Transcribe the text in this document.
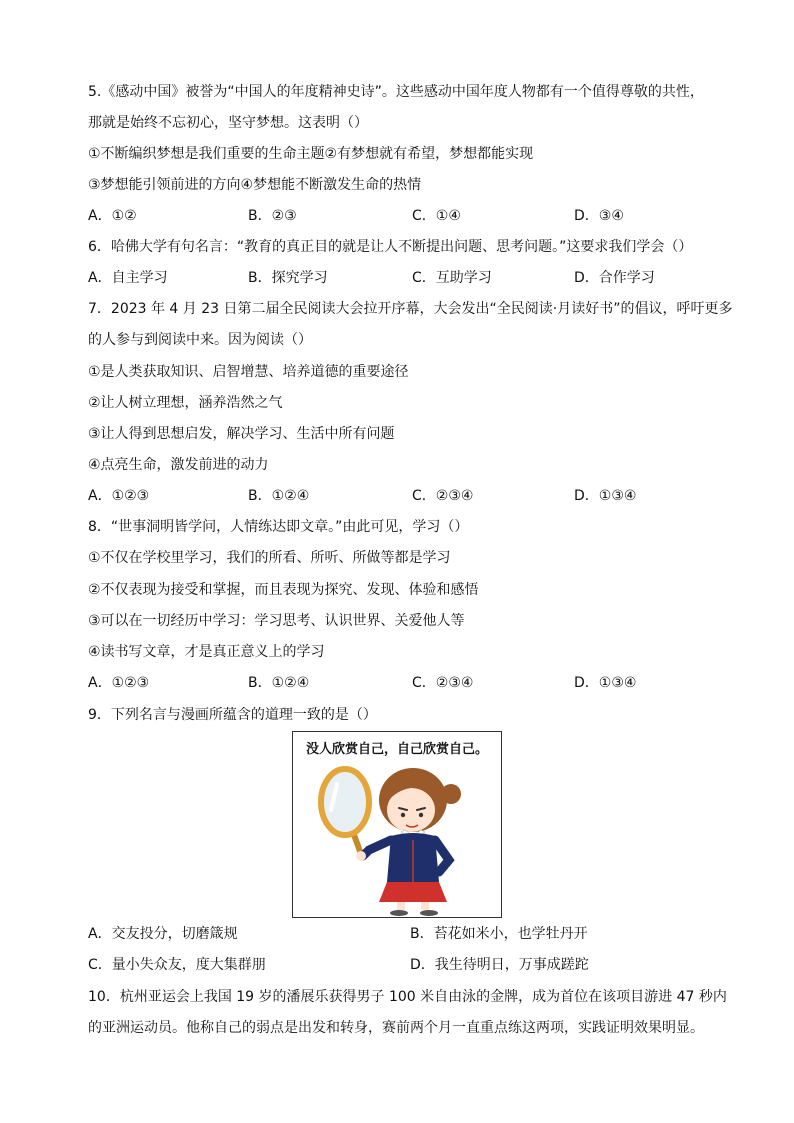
5.《感动中国》被誉为“中国人的年度精神史诗”。这些感动中国年度人物都有一个值得尊敬的共性，
那就是始终不忘初心，坚守梦想。这表明（）
①不断编织梦想是我们重要的生命主题②有梦想就有希望，梦想都能实现
③梦想能引领前进的方向④梦想能不断激发生命的热情
A．①②	B．②③	C．①④	D．③④
6．哈佛大学有句名言：“教育的真正目的就是让人不断提出问题、思考问题。”这要求我们学会（）
A．自主学习	B．探究学习	C．互助学习	D．合作学习
7．2023 年 4 月 23 日第二届全民阅读大会拉开序幕，大会发出“全民阅读·月读好书”的倡议，呼吁更多
的人参与到阅读中来。因为阅读（）
①是人类获取知识、启智增慧、培养道德的重要途径
②让人树立理想，涵养浩然之气
③让人得到思想启发，解决学习、生活中所有问题
④点亮生命，激发前进的动力
A．①②③	B．①②④	C．②③④	D．①③④
8．“世事洞明皆学问，人情练达即文章。”由此可见，学习（）
①不仅在学校里学习，我们的所看、所听、所做等都是学习
②不仅表现为接受和掌握，而且表现为探究、发现、体验和感悟
③可以在一切经历中学习：学习思考、认识世界、关爱他人等
④读书写文章，才是真正意义上的学习
A．①②③	B．①②④	C．②③④	D．①③④
9．下列名言与漫画所蕴含的道理一致的是（）
没人欣赏自己，自己欣赏自己。
A．交友投分，切磨箴规	B．苔花如米小，也学牡丹开
C．量小失众友，度大集群朋	D．我生待明日，万事成蹉跎
10．杭州亚运会上我国 19 岁的潘展乐获得男子 100 米自由泳的金牌，成为首位在该项目游进 47 秒内
的亚洲运动员。他称自己的弱点是出发和转身，赛前两个月一直重点练这两项，实践证明效果明显。
